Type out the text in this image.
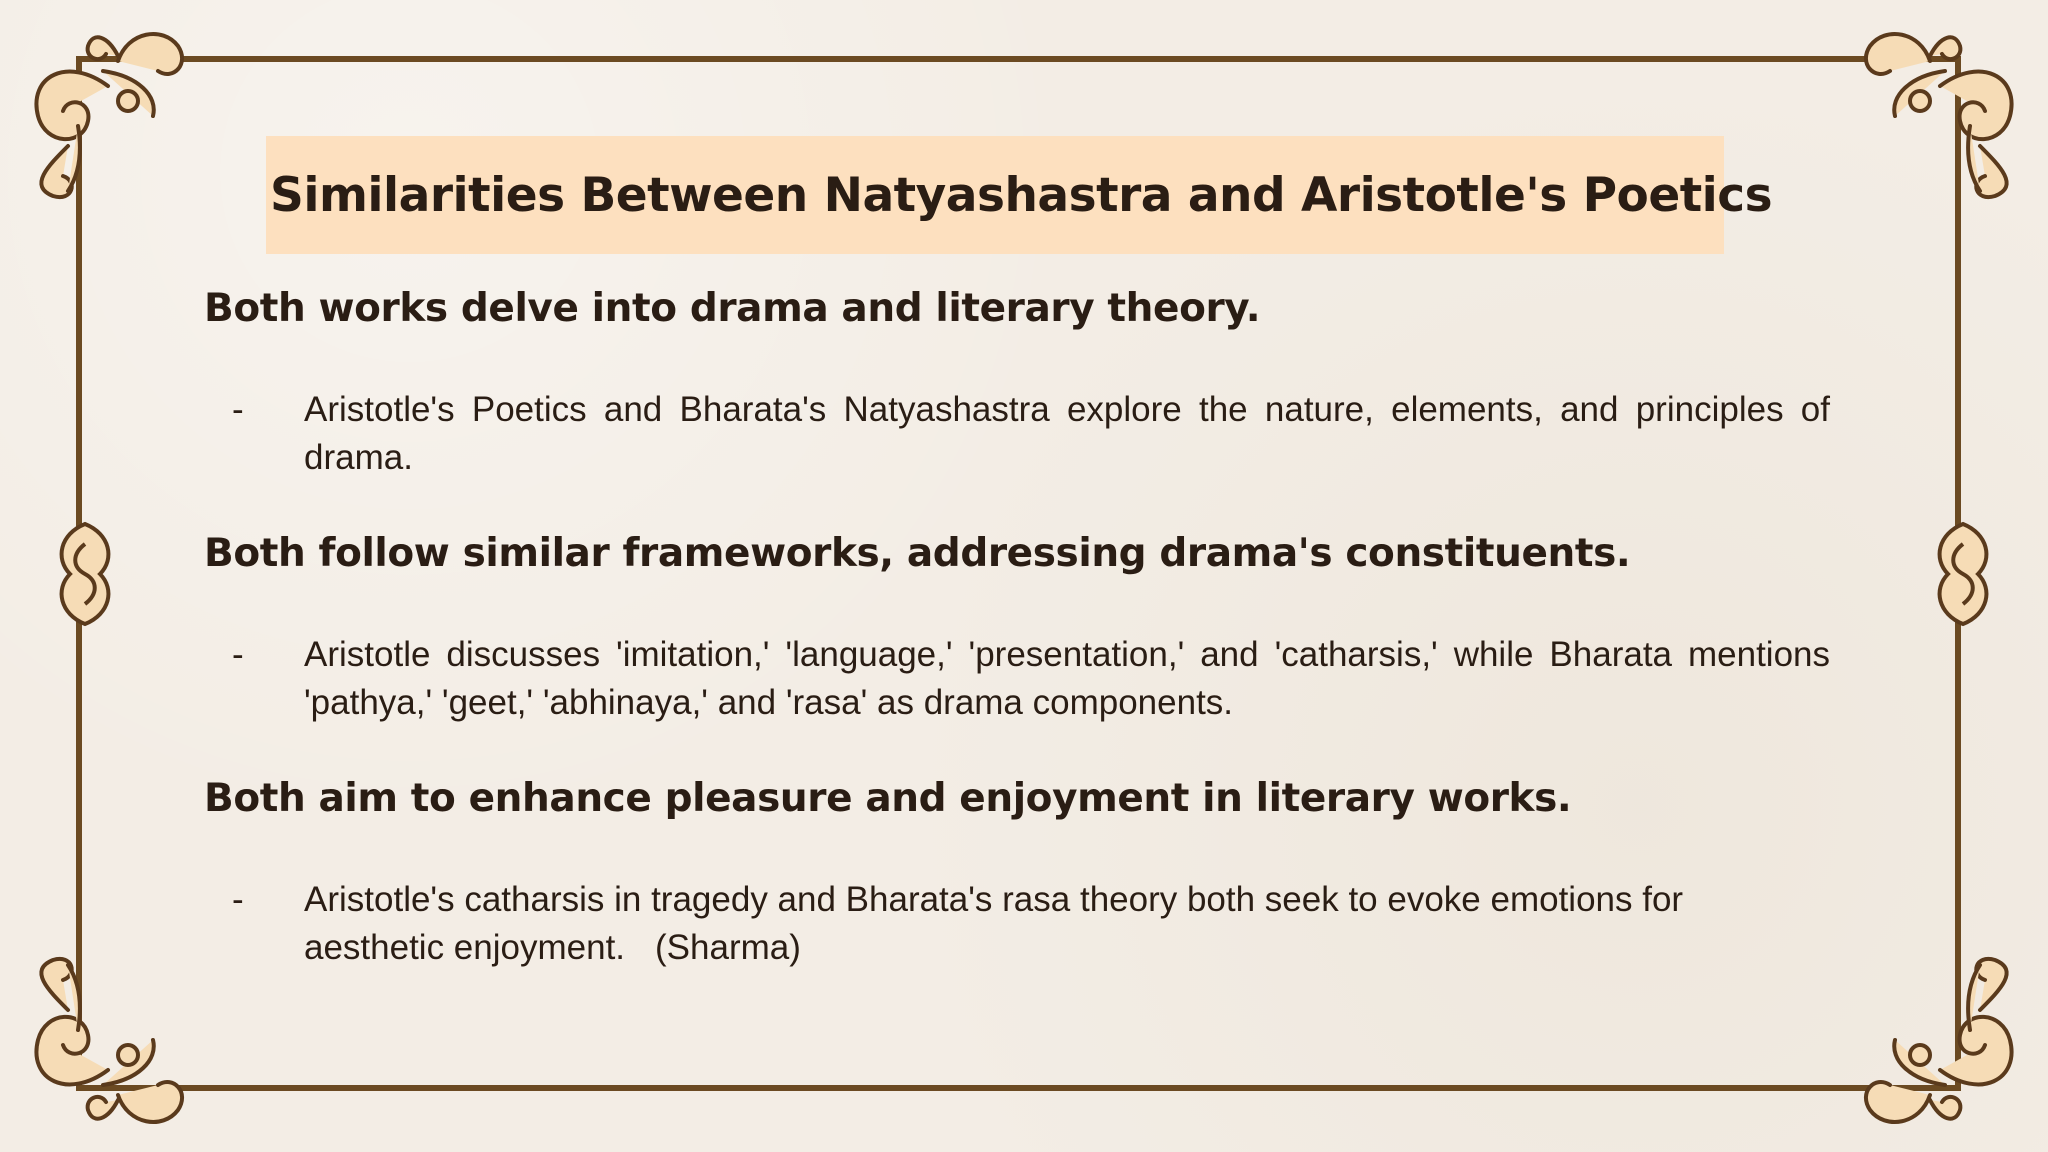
Similarities Between Natyashastra and Aristotle's Poetics
Both works delve into drama and literary theory.
-	Aristotle's Poetics and Bharata's Natyashastra explore the nature, elements, and principles of drama.
Both follow similar frameworks, addressing drama's constituents.
-	Aristotle discusses 'imitation,' 'language,' 'presentation,' and 'catharsis,' while Bharata mentions 'pathya,' 'geet,' 'abhinaya,' and 'rasa' as drama components.
Both aim to enhance pleasure and enjoyment in literary works.
-	Aristotle's catharsis in tragedy and Bharata's rasa theory both seek to evoke emotions for aesthetic enjoyment. (Sharma)
